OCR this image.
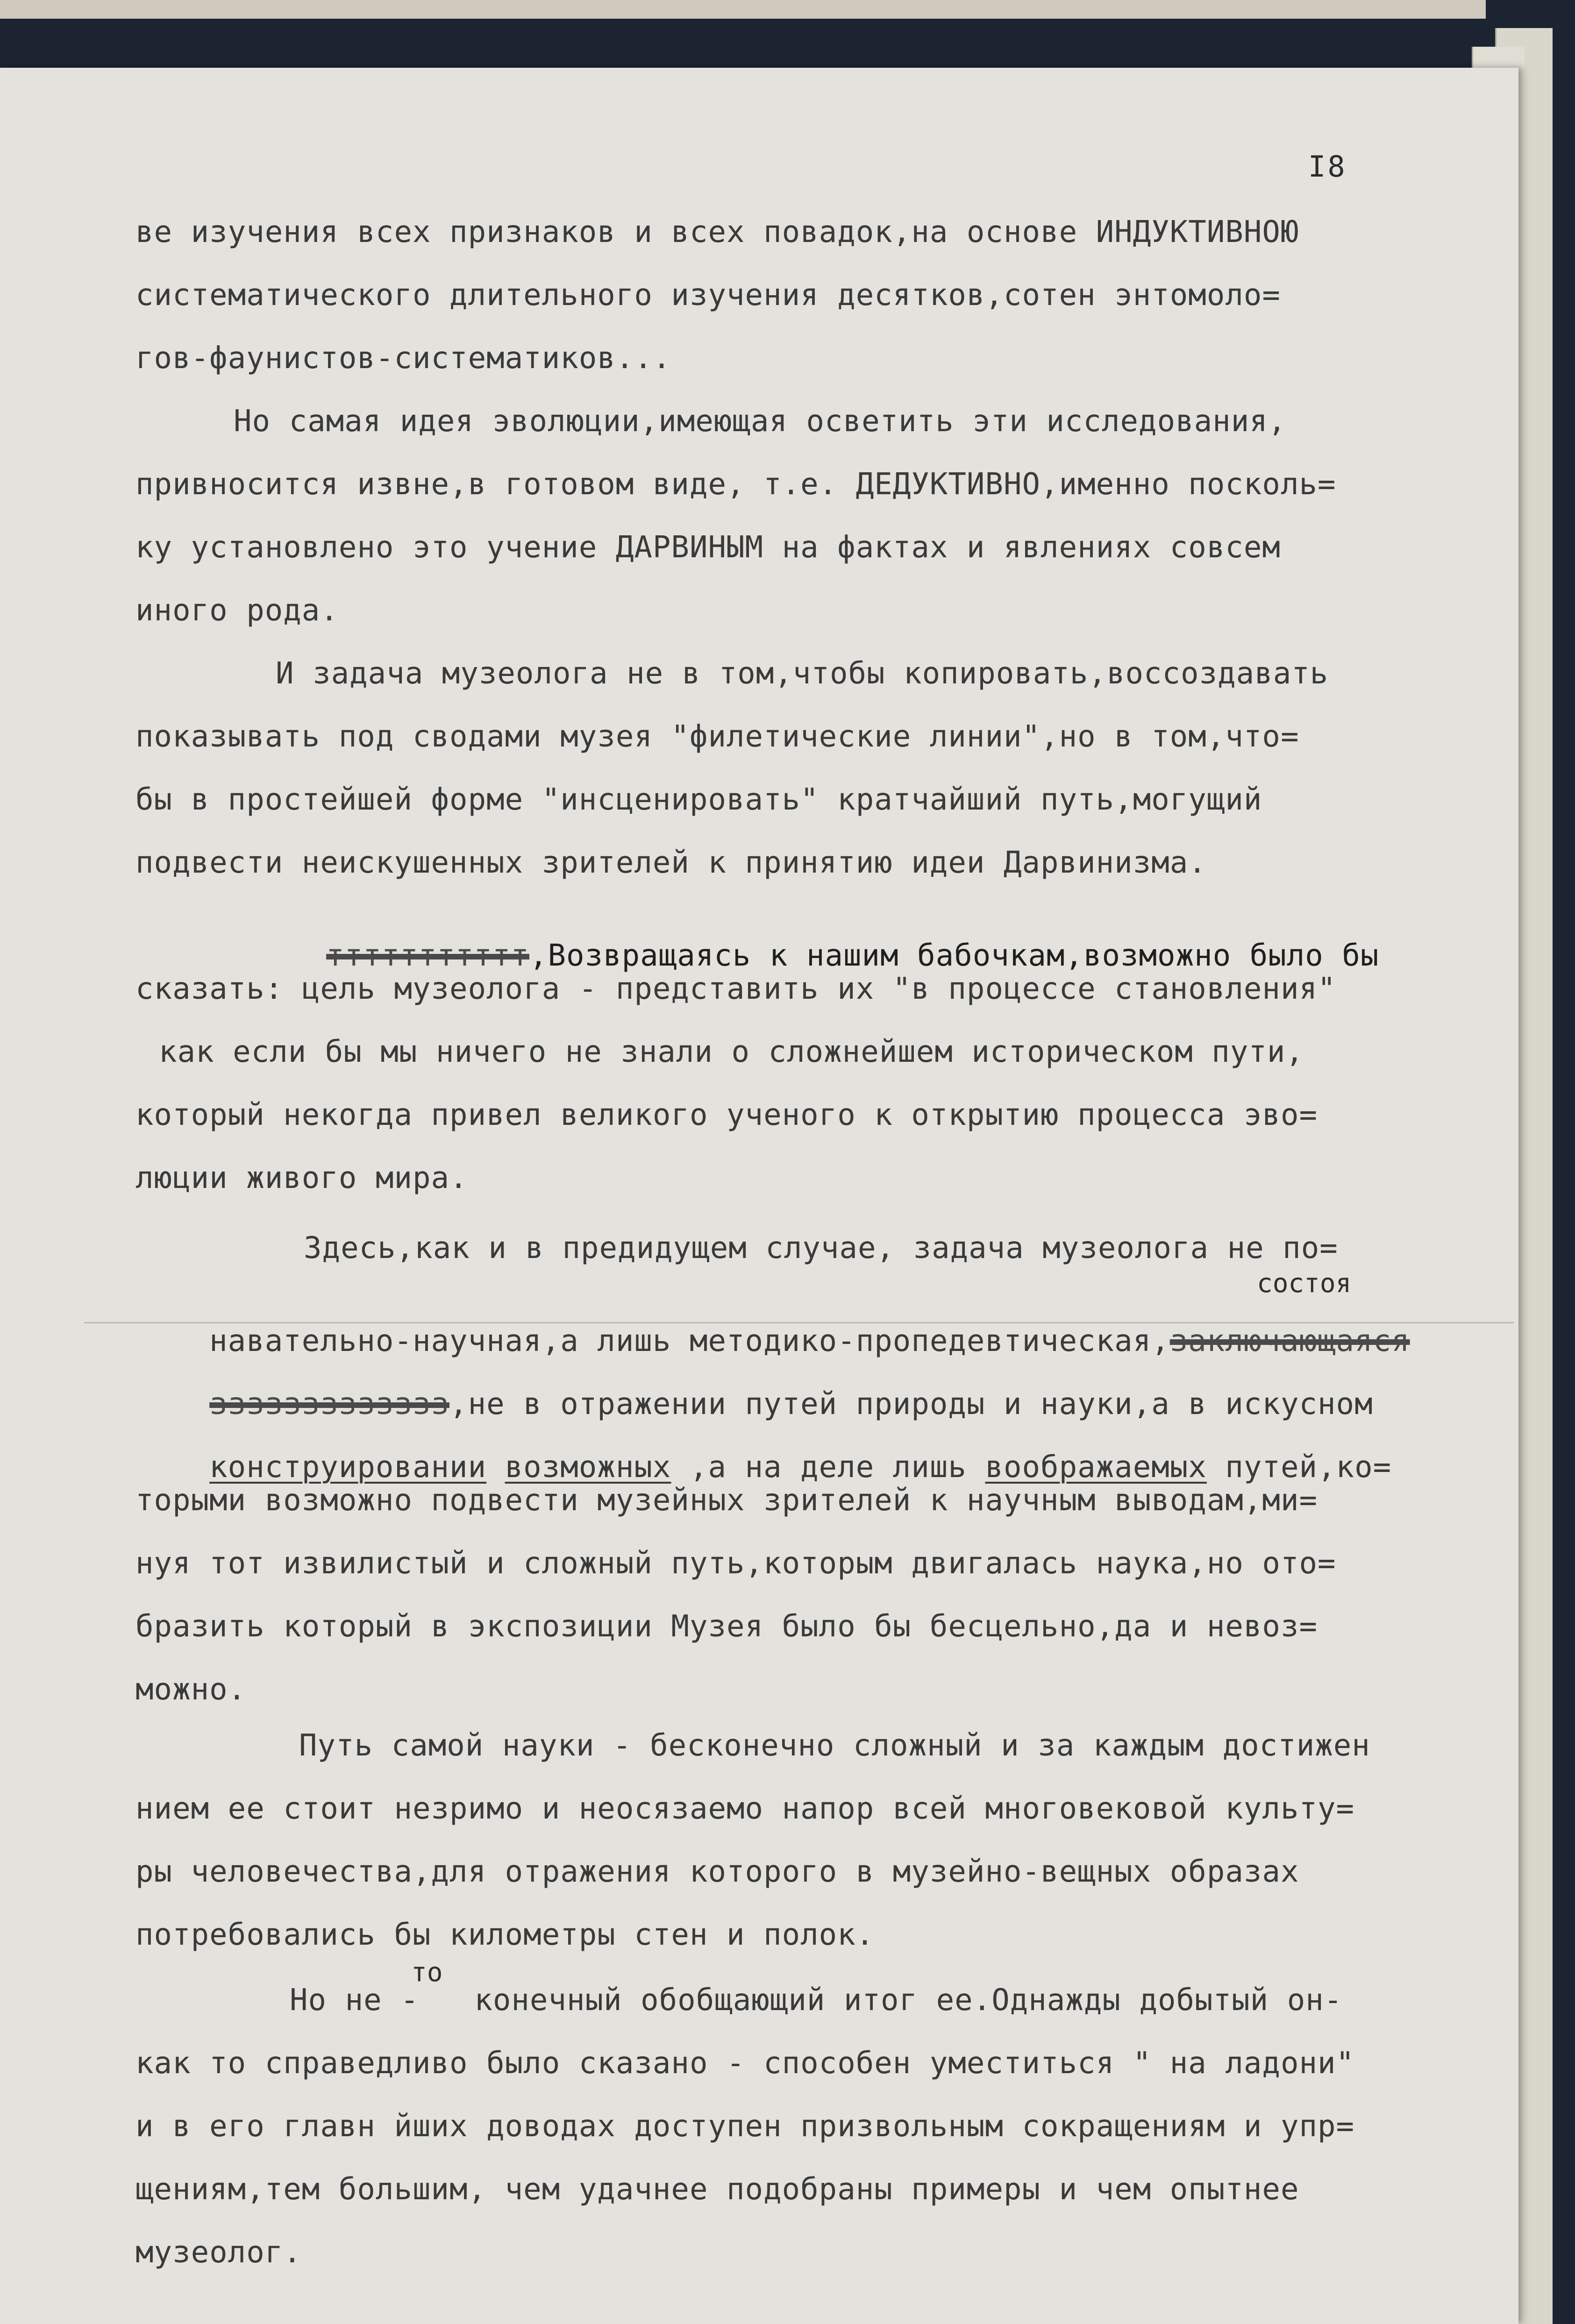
I8
ве изучения всех признаков и всех повадок,на основе ИНДУКТИВНОЮ
систематического длительного изучения десятков,сотен энтомоло=
гов-фаунистов-систематиков...
Но самая идея эволюции,имеющая осветить эти исследования,
привносится извне,в готовом виде, т.е. ДЕДУКТИВНО,именно посколь=
ку установлено это учение ДАРВИНЫМ на фактах и явлениях совсем
иного рода.
И задача музеолога не в том,чтобы копировать,воссоздавать
показывать под сводами музея "филетические линии",но в том,что=
бы в простейшей форме "инсценировать" кратчайший путь,могущий
подвести неискушенных зрителей к принятию идеи Дарвинизма.

ттттттттттт,Возвращаясь к нашим бабочкам,возможно было бы

сказать: цель музеолога - представить их "в процессе становления"
как если бы мы ничего не знали о сложнейшем историческом пути,
который некогда привел великого ученого к открытию процесса эво=
люции живого мира.
Здесь,как и в предидущем случае, задача музеолога не по=
состоя

навательно-научная,а лишь методико-пропедевтическая,заключающаяся

ззззззззззззз,не в отражении путей природы и науки,а в искусном

конструировании возможных ,а на деле лишь воображаемых путей,ко=

торыми возможно подвести музейных зрителей к научным выводам,ми=
нуя тот извилистый и сложный путь,которым двигалась наука,но ото=
бразить который в экспозиции Музея было бы бесцельно,да и невоз=
можно.
Путь самой науки - бесконечно сложный и за каждым достижен
нием ее стоит незримо и неосязаемо напор всей многовековой культу=
ры человечества,для отражения которого в музейно-вещных образах
потребовались бы километры стен и полок.
то
Но не -   конечный обобщающий итог ее.Однажды добытый он-
как то справедливо было сказано - способен уместиться " на ладони"
и в его главн йших доводах доступен призвольным сокращениям и упр=
щениям,тем большим, чем удачнее подобраны примеры и чем опытнее
музеолог.
